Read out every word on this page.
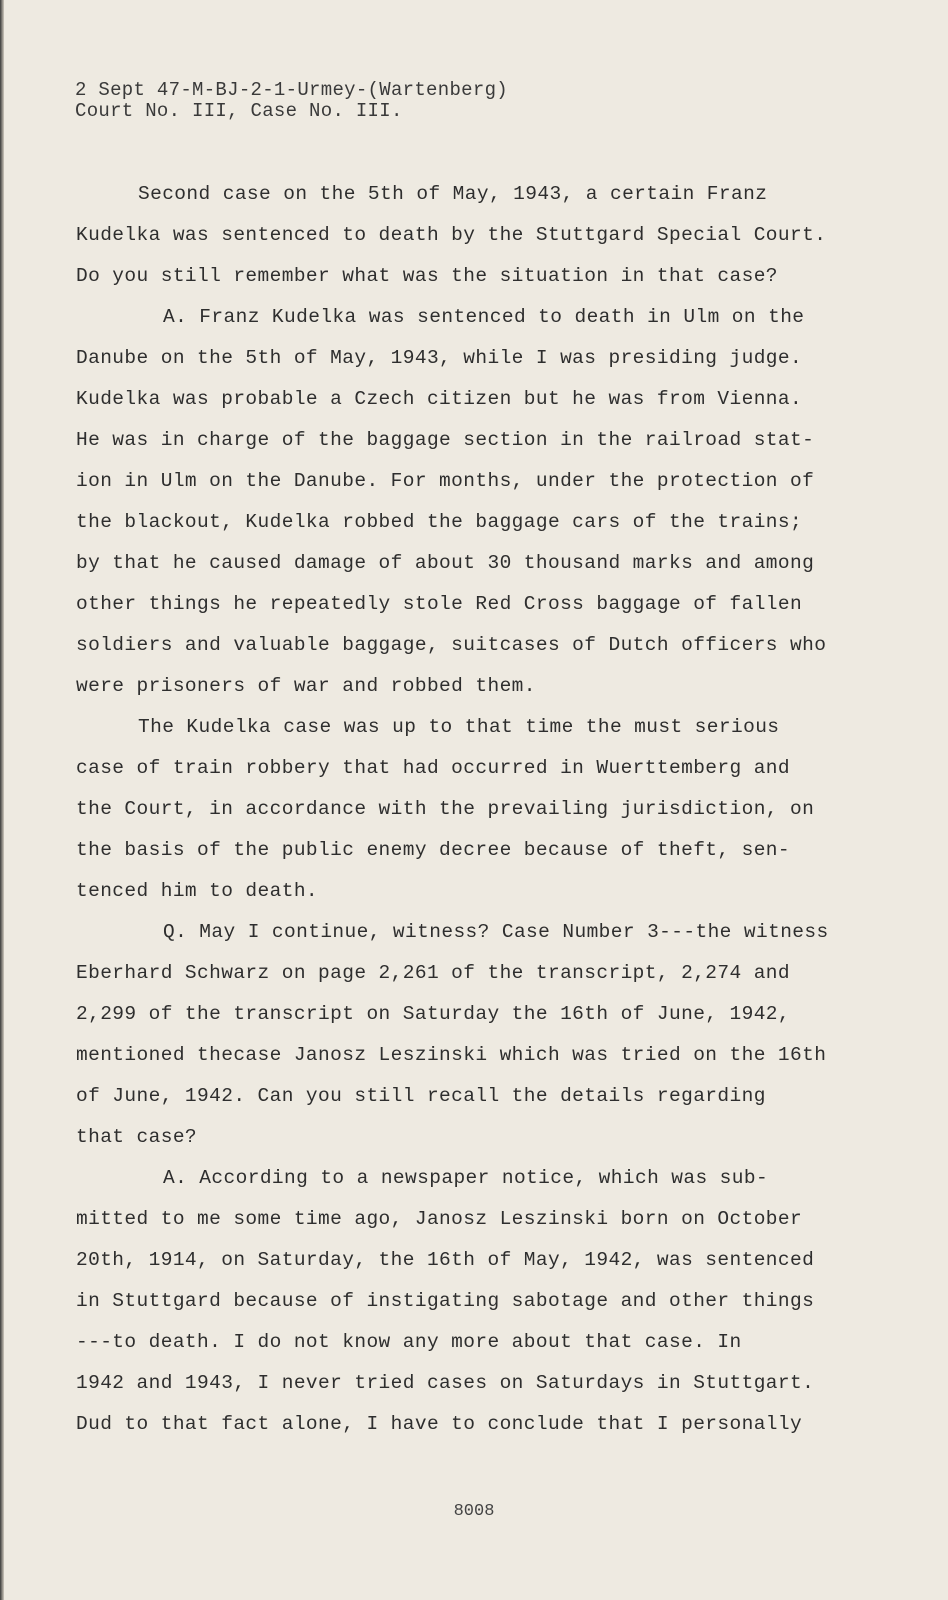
2 Sept 47-M-BJ-2-1-Urmey-(Wartenberg)
Court No. III, Case No. III.
Second case on the 5th of May, 1943, a certain Franz
Kudelka was sentenced to death by the Stuttgard Special Court.
Do you still remember what was the situation in that case?
A. Franz Kudelka was sentenced to death in Ulm on the
Danube on the 5th of May, 1943, while I was presiding judge.
Kudelka was probable a Czech citizen but he was from Vienna.
He was in charge of the baggage section in the railroad stat-
ion in Ulm on the Danube. For months, under the protection of
the blackout, Kudelka robbed the baggage cars of the trains;
by that he caused damage of about 30 thousand marks and among
other things he repeatedly stole Red Cross baggage of fallen
soldiers and valuable baggage, suitcases of Dutch officers who
were prisoners of war and robbed them.
The Kudelka case was up to that time the must serious
case of train robbery that had occurred in Wuerttemberg and
the Court, in accordance with the prevailing jurisdiction, on
the basis of the public enemy decree because of theft, sen-
tenced him to death.
Q. May I continue, witness? Case Number 3---the witness
Eberhard Schwarz on page 2,261 of the transcript, 2,274 and
2,299 of the transcript on Saturday the 16th of June, 1942,
mentioned thecase Janosz Leszinski which was tried on the 16th
of June, 1942. Can you still recall the details regarding
that case?
A. According to a newspaper notice, which was sub-
mitted to me some time ago, Janosz Leszinski born on October
20th, 1914, on Saturday, the 16th of May, 1942, was sentenced
in Stuttgard because of instigating sabotage and other things
---to death. I do not know any more about that case. In
1942 and 1943, I never tried cases on Saturdays in Stuttgart.
Dud to that fact alone, I have to conclude that I personally
8008
